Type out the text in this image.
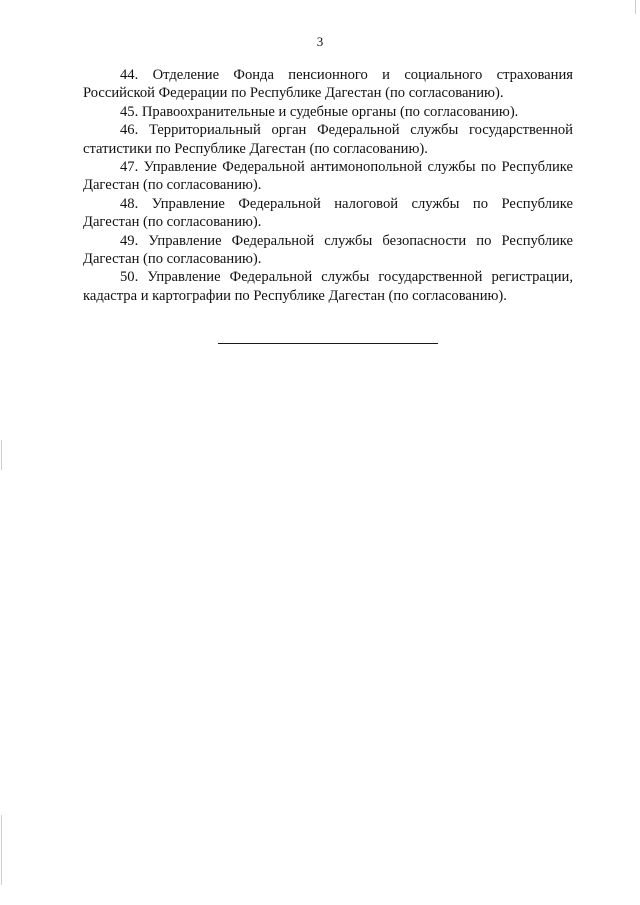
3

44. Отделение Фонда пенсионного и социального страхования Российской Федерации по Республике Дагестан (по согласованию).

45. Правоохранительные и судебные органы (по согласованию).

46. Территориальный орган Федеральной службы государственной статистики по Республике Дагестан (по согласованию).

47. Управление Федеральной антимонопольной службы по Республике Дагестан (по согласованию).

48. Управление Федеральной налоговой службы по Республике Дагестан (по согласованию).

49. Управление Федеральной службы безопасности по Республике Дагестан (по согласованию).

50. Управление Федеральной службы государственной регистрации, кадастра и картографии по Республике Дагестан (по согласованию).
